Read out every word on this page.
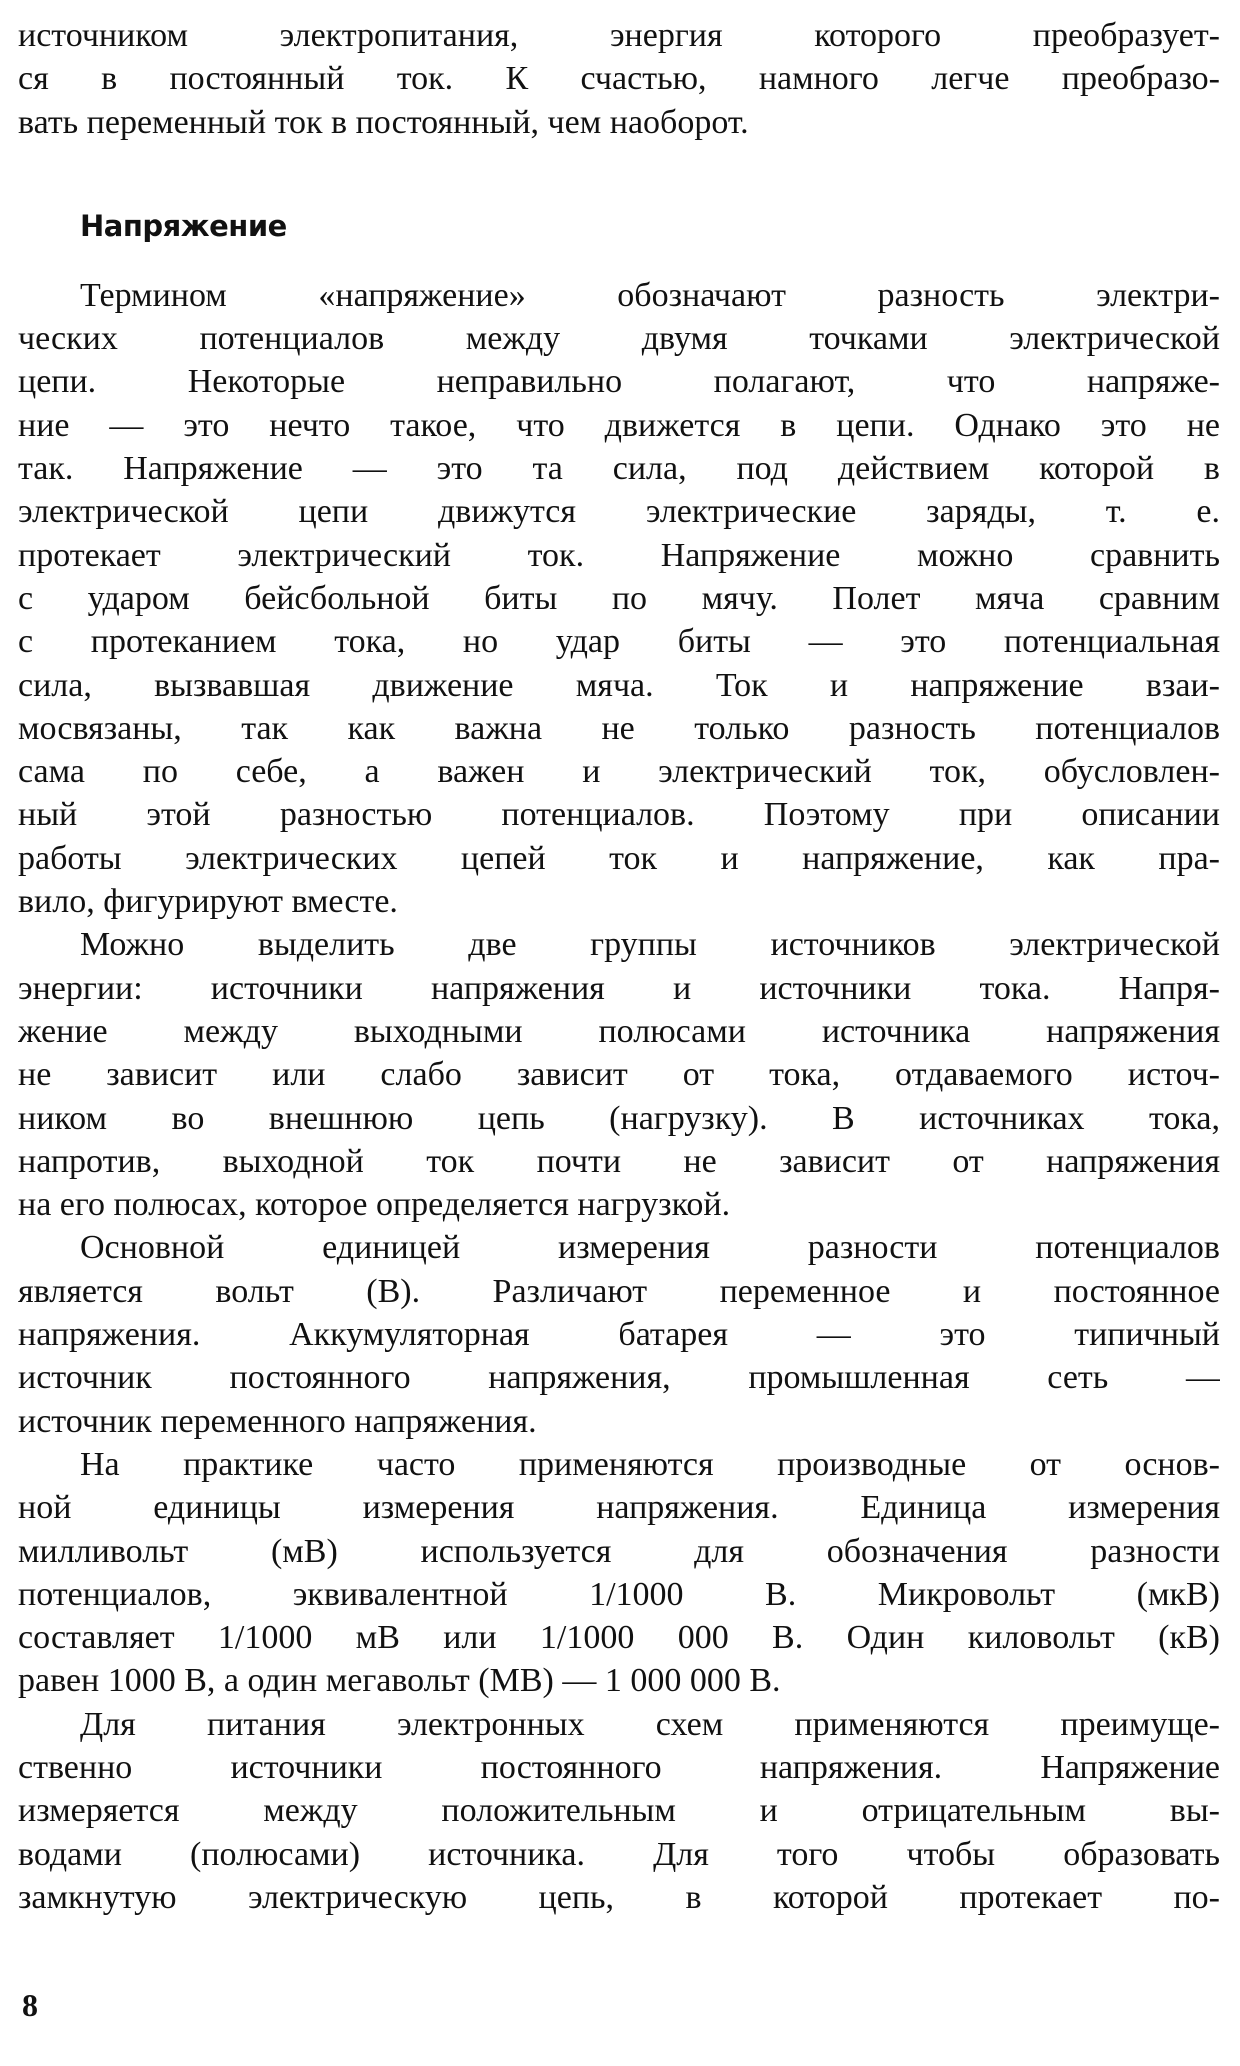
источником электропитания, энергия которого преобразует-
ся в постоянный ток. К счастью, намного легче преобразо-
вать переменный ток в постоянный, чем наоборот.
Напряжение
Термином «напряжение» обозначают разность электри-
ческих потенциалов между двумя точками электрической
цепи. Некоторые неправильно полагают, что напряже-
ние — это нечто такое, что движется в цепи. Однако это не
так. Напряжение — это та сила, под действием которой в
электрической цепи движутся электрические заряды, т. е.
протекает электрический ток. Напряжение можно сравнить
с ударом бейсбольной биты по мячу. Полет мяча сравним
с протеканием тока, но удар биты — это потенциальная
сила, вызвавшая движение мяча. Ток и напряжение взаи-
мосвязаны, так как важна не только разность потенциалов
сама по себе, а важен и электрический ток, обусловлен-
ный этой разностью потенциалов. Поэтому при описании
работы электрических цепей ток и напряжение, как пра-
вило, фигурируют вместе.
Можно выделить две группы источников электрической
энергии: источники напряжения и источники тока. Напря-
жение между выходными полюсами источника напряжения
не зависит или слабо зависит от тока, отдаваемого источ-
ником во внешнюю цепь (нагрузку). В источниках тока,
напротив, выходной ток почти не зависит от напряжения
на его полюсах, которое определяется нагрузкой.
Основной единицей измерения разности потенциалов
является вольт (В). Различают переменное и постоянное
напряжения. Аккумуляторная батарея — это типичный
источник постоянного напряжения, промышленная сеть —
источник переменного напряжения.
На практике часто применяются производные от основ-
ной единицы измерения напряжения. Единица измерения
милливольт (мВ) используется для обозначения разности
потенциалов, эквивалентной 1/1000 В. Микровольт (мкВ)
составляет 1/1000 мВ или 1/1000 000 В. Один киловольт (кВ)
равен 1000 В, а один мегавольт (МВ) — 1 000 000 В.
Для питания электронных схем применяются преимуще-
ственно источники постоянного напряжения. Напряжение
измеряется между положительным и отрицательным вы-
водами (полюсами) источника. Для того чтобы образовать
замкнутую электрическую цепь, в которой протекает по-
8
